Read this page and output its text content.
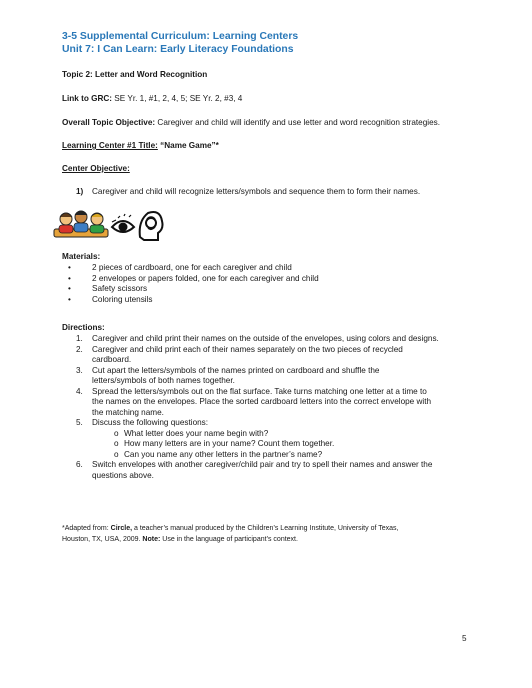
3-5 Supplemental Curriculum: Learning Centers
Unit 7: I Can Learn: Early Literacy Foundations
Topic 2: Letter and Word Recognition
Link to GRC: SE Yr. 1, #1, 2, 4, 5; SE Yr. 2, #3, 4
Overall Topic Objective: Caregiver and child will identify and use letter and word recognition strategies.
Learning Center #1 Title: “Name Game”*
Center Objective:
1) Caregiver and child will recognize letters/symbols and sequence them to form their names.
Materials:
•	2 pieces of cardboard, one for each caregiver and child
•	2 envelopes or papers folded, one for each caregiver and child
•	Safety scissors
•	Coloring utensils
Directions:
1.	Caregiver and child print their names on the outside of the envelopes, using colors and designs.
2.	Caregiver and child print each of their names separately on the two pieces of recycled
cardboard.
3.	Cut apart the letters/symbols of the names printed on cardboard and shuffle the
letters/symbols of both names together.
4.	Spread the letters/symbols out on the flat surface. Take turns matching one letter at a time to
the names on the envelopes. Place the sorted cardboard letters into the correct envelope with
the matching name.
5.	Discuss the following questions:
o What letter does your name begin with?
o How many letters are in your name? Count them together.
o Can you name any other letters in the partner’s name?
6.	Switch envelopes with another caregiver/child pair and try to spell their names and answer the
questions above.
*Adapted from: Circle, a teacher’s manual produced by the Children’s Learning Institute, University of Texas,
Houston, TX, USA, 2009. Note: Use in the language of participant’s context.
5
